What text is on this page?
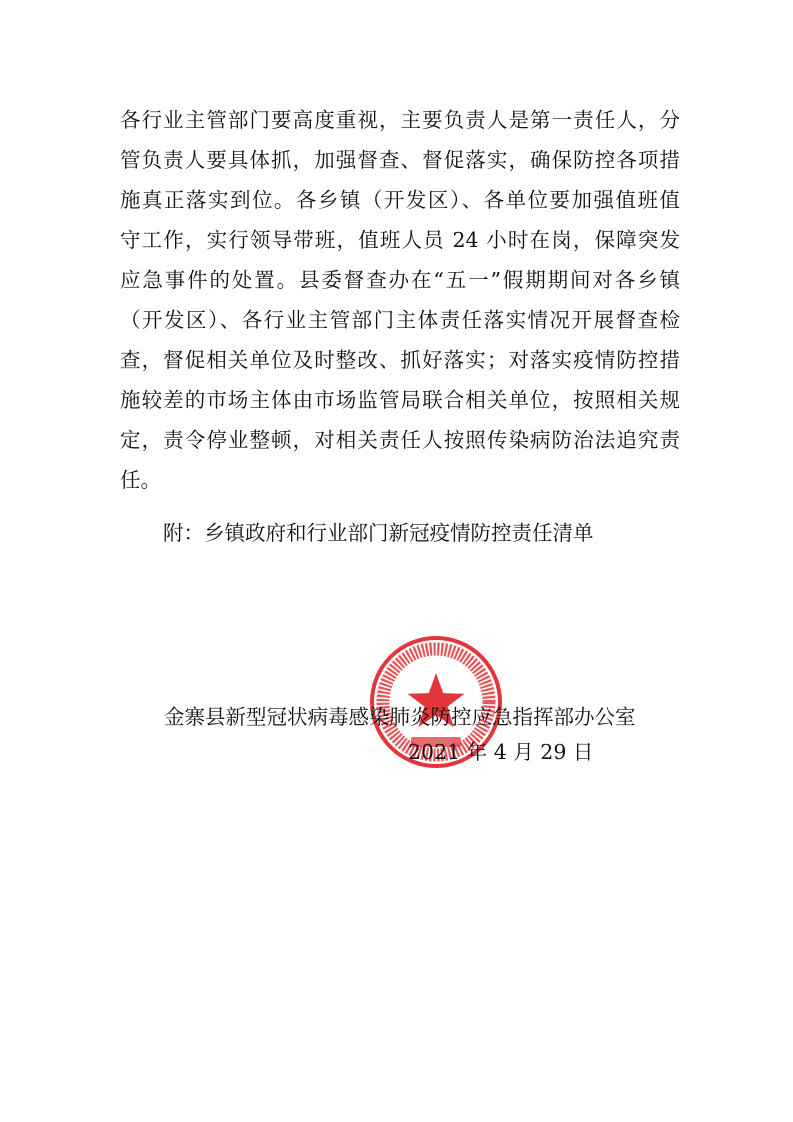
各行业主管部门要高度重视，主要负责人是第一责任人，分
管负责人要具体抓，加强督查、督促落实，确保防控各项措
施真正落实到位。各乡镇（开发区）、各单位要加强值班值
守工作，实行领导带班，值班人员 24 小时在岗，保障突发
应急事件的处置。县委督查办在“五一”假期期间对各乡镇
（开发区）、各行业主管部门主体责任落实情况开展督查检
查，督促相关单位及时整改、抓好落实；对落实疫情防控措
施较差的市场主体由市场监管局联合相关单位，按照相关规
定，责令停业整顿，对相关责任人按照传染病防治法追究责
任。
附：乡镇政府和行业部门新冠疫情防控责任清单
金寨县新型冠状病毒感染肺炎防控应急指挥部办公室
2021 年 4 月 29 日
